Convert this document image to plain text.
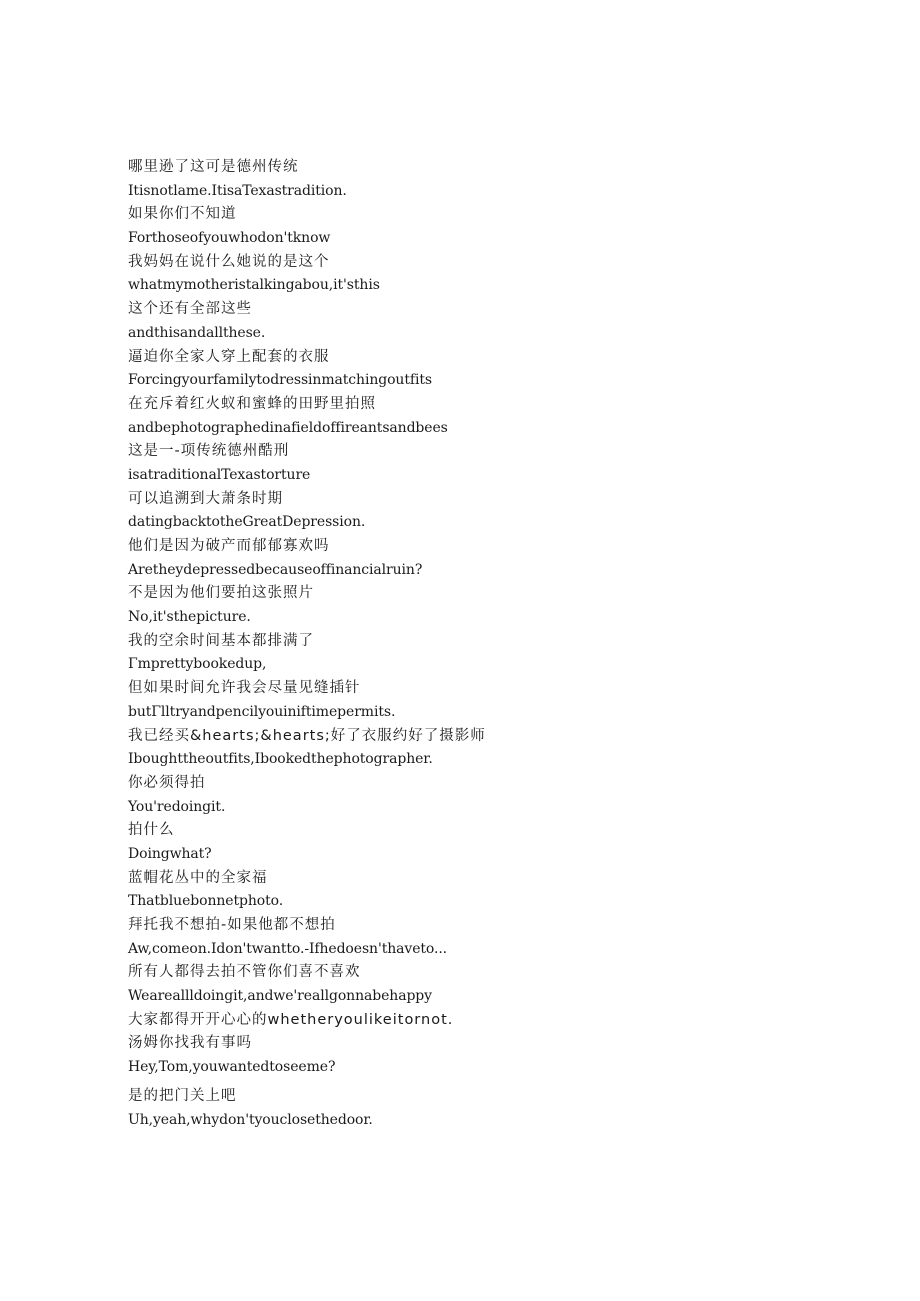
哪里逊了这可是德州传统
Itisnotlame.ItisaTexastradition.
如果你们不知道
Forthoseofyouwhodon'tknow
我妈妈在说什么她说的是这个
whatmymotheristalkingabou,it'sthis
这个还有全部这些
andthisandallthese.
逼迫你全家人穿上配套的衣服
Forcingyourfamilytodressinmatchingoutfits
在充斥着红火蚁和蜜蜂的田野里拍照
andbephotographedinafieldoffireantsandbees
这是一-项传统德州酷刑
isatraditionalTexastorture
可以追溯到大萧条时期
datingbacktotheGreatDepression.
他们是因为破产而郁郁寡欢吗
Aretheydepressedbecauseoffinancialruin?
不是因为他们要拍这张照片
No,it'sthepicture.
我的空余时间基本都排满了
Γmprettybookedup,
但如果时间允许我会尽量见缝插针
butΓlltryandpencilyouiniftimepermits.
我已经买&hearts;&hearts;好了衣服约好了摄影师
Iboughttheoutfits,Ibookedthephotographer.
你必须得拍
You'redoingit.
拍什么
Doingwhat?
蓝帽花丛中的全家福
Thatbluebonnetphoto.
拜托我不想拍-如果他都不想拍
Aw,comeon.Idon'twantto.-Ifhedoesn'thaveto...
所有人都得去拍不管你们喜不喜欢
Weareallldoingit,andwe'reallgonnabehappy
大家都得开开心心的whetheryoulikeitornot.
汤姆你找我有事吗
Hey,Tom,youwantedtoseeme?
是的把门关上吧
Uh,yeah,whydon'tyouclosethedoor.
